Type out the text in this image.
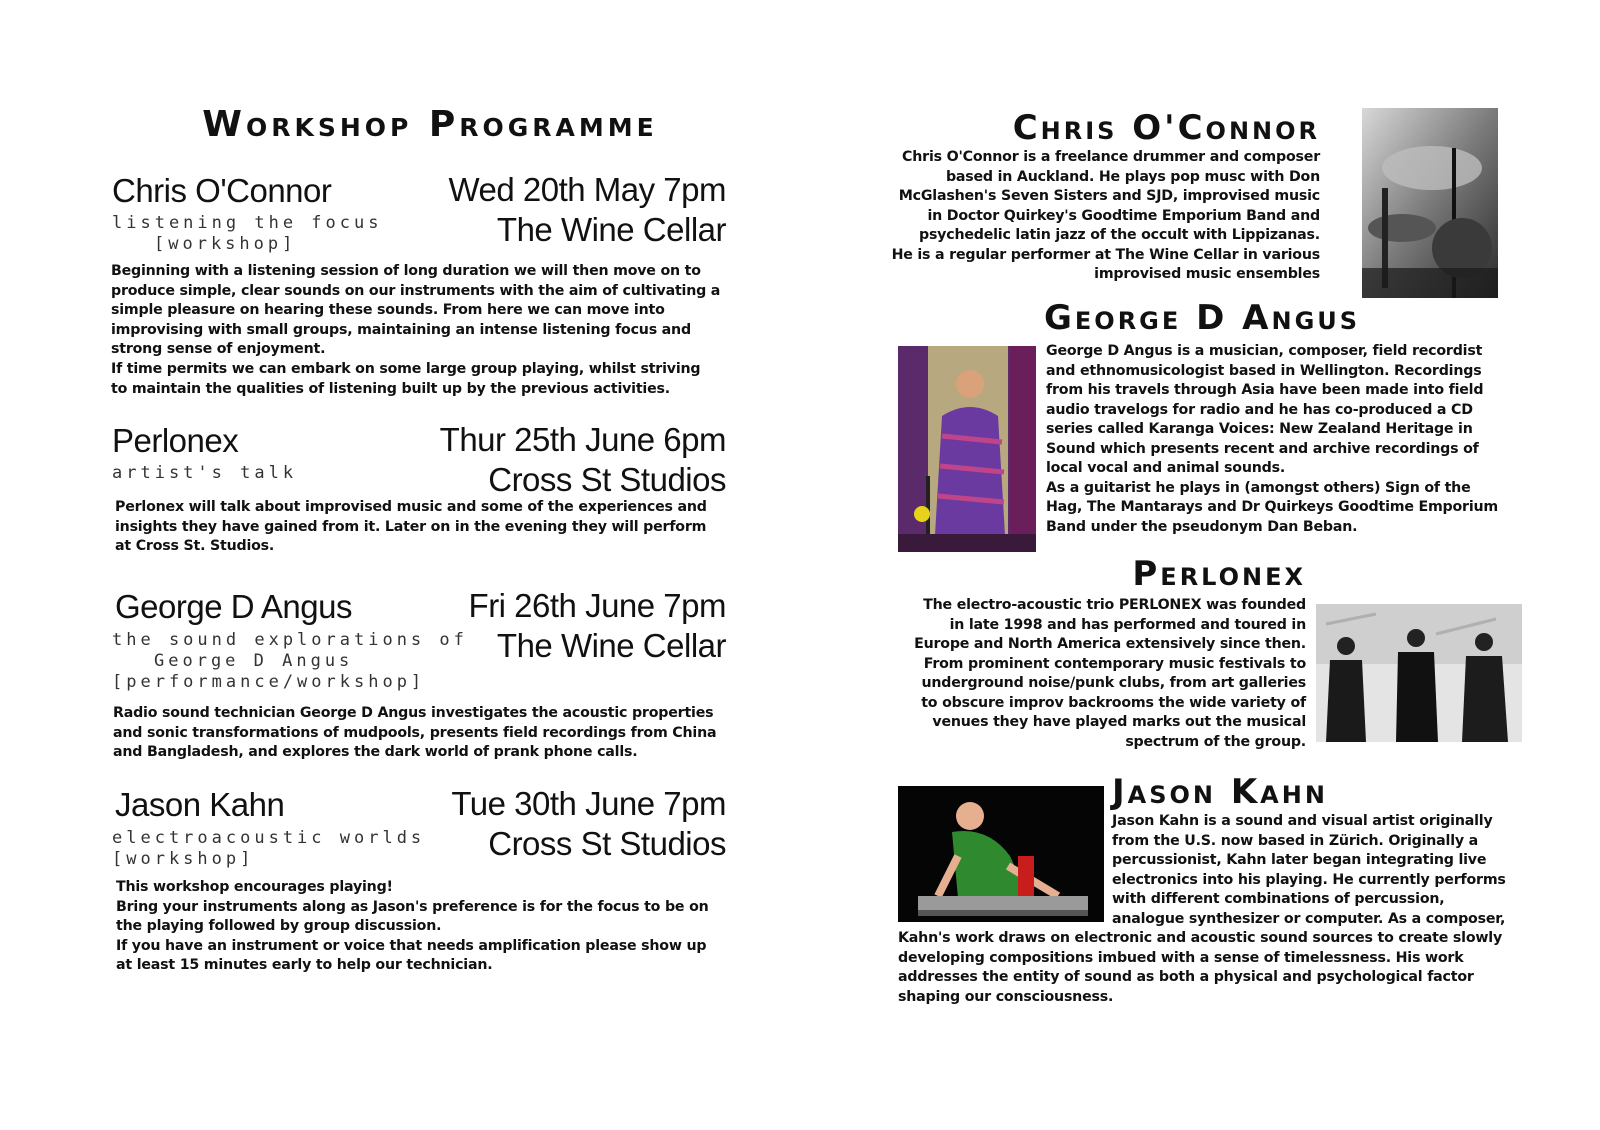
Workshop Programme
Chris O'Connor
listening the focus
[workshop]
Wed 20th May 7pm
The Wine Cellar
Beginning with a listening session of long duration we will then move on to
produce simple, clear sounds on our instruments with the aim of cultivating a
simple pleasure on hearing these sounds. From here we can move into
improvising with small groups, maintaining an intense listening focus and
strong sense of enjoyment.
If time permits we can embark on some large group playing, whilst striving
to maintain the qualities of listening built up by the previous activities.
Perlonex
artist's talk
Thur 25th June 6pm
Cross St Studios
Perlonex will talk about improvised music and some of the experiences and
insights they have gained from it. Later on in the evening they will perform
at Cross St. Studios.
George D Angus
the sound explorations of
George D Angus
[performance/workshop]
Fri 26th June 7pm
The Wine Cellar
Radio sound technician George D Angus investigates the acoustic properties
and sonic transformations of mudpools, presents field recordings from China
and Bangladesh, and explores the dark world of prank phone calls.
Jason Kahn
electroacoustic worlds
[workshop]
Tue 30th June 7pm
Cross St Studios
This workshop encourages playing!
Bring your instruments along as Jason's preference is for the focus to be on
the playing followed by group discussion.
If you have an instrument or voice that needs amplification please show up
at least 15 minutes early to help our technician.
Chris O'Connor
Chris O'Connor is a freelance drummer and composer
based in Auckland. He plays pop musc with Don
McGlashen's Seven Sisters and SJD, improvised music
in Doctor Quirkey's Goodtime Emporium Band and
psychedelic latin jazz of the occult with Lippizanas.
He is a regular performer at The Wine Cellar in various
improvised music ensembles
George D Angus
George D Angus is a musician, composer, field recordist
and ethnomusicologist based in Wellington. Recordings
from his travels through Asia have been made into field
audio travelogs for radio and he has co-produced a CD
series called Karanga Voices: New Zealand Heritage in
Sound which presents recent and archive recordings of
local vocal and animal sounds.
As a guitarist he plays in (amongst others) Sign of the
Hag, The Mantarays and Dr Quirkeys Goodtime Emporium
Band under the pseudonym Dan Beban.
Perlonex
The electro-acoustic trio PERLONEX was founded
in late 1998 and has performed and toured in
Europe and North America extensively since then.
From prominent contemporary music festivals to
underground noise/punk clubs, from art galleries
to obscure improv backrooms the wide variety of
venues they have played marks out the musical
spectrum of the group.
Jason Kahn
Jason Kahn is a sound and visual artist originally
from the U.S. now based in Zürich. Originally a
percussionist, Kahn later began integrating live
electronics into his playing. He currently performs
with different combinations of percussion,
analogue synthesizer or computer. As a composer,
Kahn's work draws on electronic and acoustic sound sources to create slowly
developing compositions imbued with a sense of timelessness. His work
addresses the entity of sound as both a physical and psychological factor
shaping our consciousness.
